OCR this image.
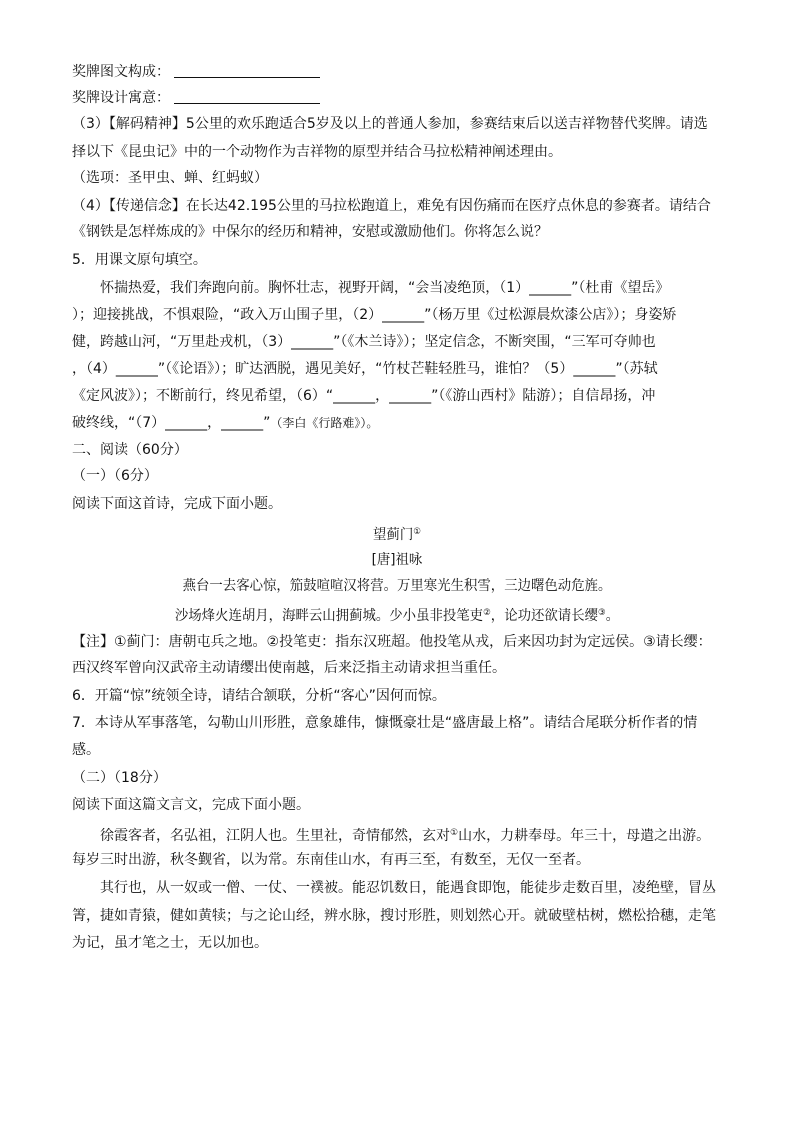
奖牌图文构成：
奖牌设计寓意：
（3）【解码精神】5公里的欢乐跑适合5岁及以上的普通人参加，参赛结束后以送吉祥物替代奖牌。请选
择以下《昆虫记》中的一个动物作为吉祥物的原型并结合马拉松精神阐述理由。
（选项：圣甲虫、蝉、红蚂蚁）
（4）【传递信念】在长达42.195公里的马拉松跑道上，难免有因伤痛而在医疗点休息的参赛者。请结合
《钢铁是怎样炼成的》中保尔的经历和精神，安慰或激励他们。你将怎么说？
5．用课文原句填空。
怀揣热爱，我们奔跑向前。胸怀壮志，视野开阔，“会当凌绝顶，（1）______”（杜甫《望岳》
）；迎接挑战，不惧艰险，“政入万山围子里，（2）______”（杨万里《过松源晨炊漆公店》）；身姿矫
健，跨越山河，“万里赴戎机，（3）______”（《木兰诗》）；坚定信念，不断突围，“三军可夺帅也
，（4）______”（《论语》）；旷达洒脱，遇见美好，“竹杖芒鞋轻胜马，谁怕？（5）______”（苏轼
《定风波》）；不断前行，终见希望，（6）“______，______”（《游山西村》陆游）；自信昂扬，冲
破终线，“（7）______，______”（李白《行路难》）。
二、阅读（60分）
（一）（6分）
阅读下面这首诗，完成下面小题。
望蓟门①
[唐]祖咏
燕台一去客心惊，笳鼓喧喧汉将营。万里寒光生积雪，三边曙色动危旌。
沙场烽火连胡月，海畔云山拥蓟城。少小虽非投笔吏②，论功还欲请长缨③。
【注】①蓟门：唐朝屯兵之地。②投笔吏：指东汉班超。他投笔从戎，后来因功封为定远侯。③请长缨：
西汉终军曾向汉武帝主动请缨出使南越，后来泛指主动请求担当重任。
6．开篇“惊”统领全诗，请结合颔联，分析“客心”因何而惊。
7．本诗从军事落笔，勾勒山川形胜，意象雄伟，慷慨豪壮是“盛唐最上格”。请结合尾联分析作者的情
感。
（二）（18分）
阅读下面这篇文言文，完成下面小题。
徐霞客者，名弘祖，江阴人也。生里社，奇情郁然，玄对①山水，力耕奉母。年三十，母遣之出游。
每岁三时出游，秋冬觐省，以为常。东南佳山水，有再三至，有数至，无仅一至者。
其行也，从一奴或一僧、一仗、一襆被。能忍饥数日，能遇食即饱，能徒步走数百里，凌绝壁，冒丛
箐，捷如青猿，健如黄犊；与之论山经，辨水脉，搜讨形胜，则划然心开。就破壁枯树，燃松拾穗，走笔
为记，虽才笔之士，无以加也。
